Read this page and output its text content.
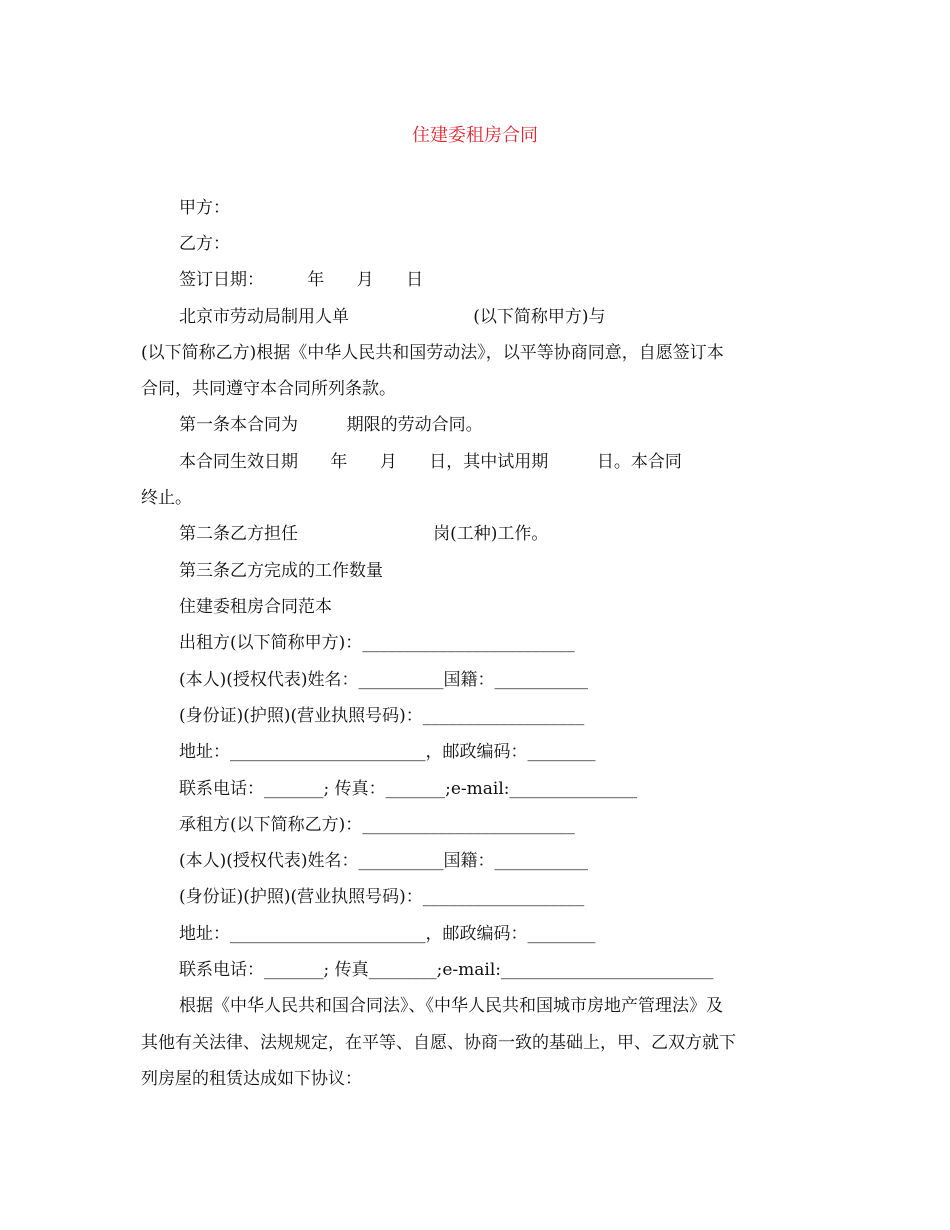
住建委租房合同
甲方：
乙方：
签订日期：        年      月      日
北京市劳动局制用人单                       (以下简称甲方)与
(以下简称乙方)根据《中华人民共和国劳动法》，以平等协商同意，自愿签订本
合同，共同遵守本合同所列条款。
第一条本合同为         期限的劳动合同。
本合同生效日期      年      月      日，其中试用期         日。本合同
终止。
第二条乙方担任                         岗(工种)工作。
第三条乙方完成的工作数量
住建委租房合同范本
出租方(以下简称甲方)：_________________________
(本人)(授权代表)姓名：__________国籍：___________
(身份证)(护照)(营业执照号码)：___________________
地址：_______________________，邮政编码：________
联系电话：_______; 传真：_______;e-mail:_______________
承租方(以下简称乙方)：_________________________
(本人)(授权代表)姓名：__________国籍：___________
(身份证)(护照)(营业执照号码)：___________________
地址：_______________________，邮政编码：________
联系电话：_______; 传真________;e-mail:_________________________
根据《中华人民共和国合同法》、《中华人民共和国城市房地产管理法》及
其他有关法律、法规规定，在平等、自愿、协商一致的基础上，甲、乙双方就下
列房屋的租赁达成如下协议：
